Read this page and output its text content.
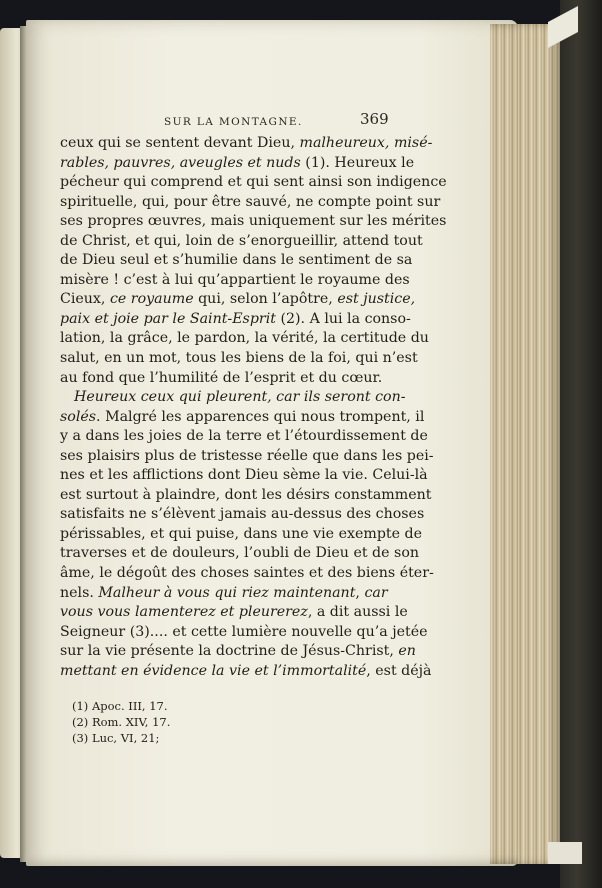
SUR LA MONTAGNE.	369
ceux qui se sentent devant Dieu, malheureux, misé-
rables, pauvres, aveugles et nuds (1). Heureux le
pécheur qui comprend et qui sent ainsi son indigence
spirituelle, qui, pour être sauvé, ne compte point sur
ses propres œuvres, mais uniquement sur les mérites
de Christ, et qui, loin de s’enorgueillir, attend tout
de Dieu seul et s’humilie dans le sentiment de sa
misère ! c’est à lui qu’appartient le royaume des
Cieux, ce royaume qui, selon l’apôtre, est justice,
paix et joie par le Saint-Esprit (2). A lui la conso-
lation, la grâce, le pardon, la vérité, la certitude du
salut, en un mot, tous les biens de la foi, qui n’est
au fond que l’humilité de l’esprit et du cœur.
Heureux ceux qui pleurent, car ils seront con-
solés. Malgré les apparences qui nous trompent, il
y a dans les joies de la terre et l’étourdissement de
ses plaisirs plus de tristesse réelle que dans les pei-
nes et les afflictions dont Dieu sème la vie. Celui-là
est surtout à plaindre, dont les désirs constamment
satisfaits ne s’élèvent jamais au-dessus des choses
périssables, et qui puise, dans une vie exempte de
traverses et de douleurs, l’oubli de Dieu et de son
âme, le dégoût des choses saintes et des biens éter-
nels. Malheur à vous qui riez maintenant, car
vous vous lamenterez et pleurerez, a dit aussi le
Seigneur (3).... et cette lumière nouvelle qu’a jetée
sur la vie présente la doctrine de Jésus-Christ, en
mettant en évidence la vie et l’immortalité, est déjà
(1) Apoc. III, 17.
(2) Rom. XIV, 17.
(3) Luc, VI, 21;
